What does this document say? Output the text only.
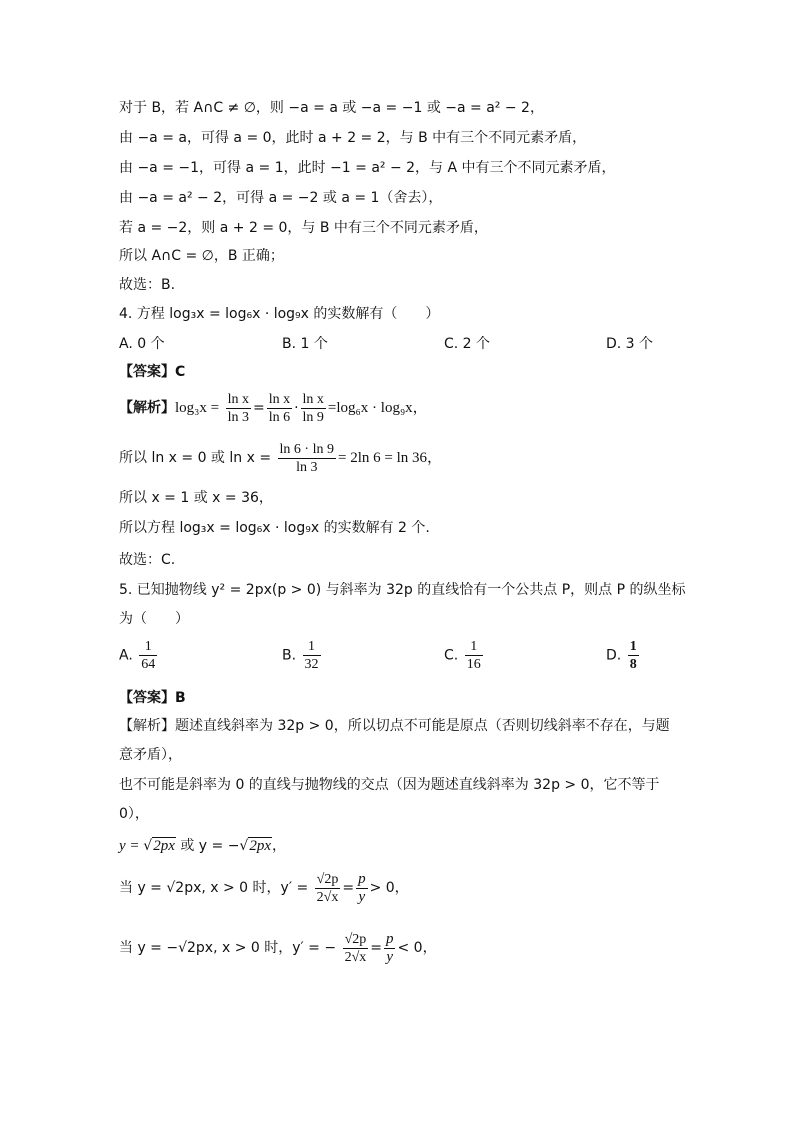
对于 B，若 A∩C ≠ ∅，则 −a = a 或 −a = −1 或 −a = a² − 2，
由 −a = a，可得 a = 0，此时 a + 2 = 2，与 B 中有三个不同元素矛盾，
由 −a = −1，可得 a = 1，此时 −1 = a² − 2，与 A 中有三个不同元素矛盾，
由 −a = a² − 2，可得 a = −2 或 a = 1（舍去），
若 a = −2，则 a + 2 = 0，与 B 中有三个不同元素矛盾，
所以 A∩C = ∅，B 正确；
故选：B.
4. 方程 log₃x = log₆x · log₉x 的实数解有（　　）
A. 0 个	B. 1 个	C. 2 个	D. 3 个
【答案】C
【解析】$\log_3x = \frac{\text{ln x}}{\ln 3} = \frac{\text{ln x}}{\ln 6} \cdot \frac{\text{ln x}}{\ln 9} =\log_6x \cdot \log_9x$，
所以 ln x = 0 或 $\ln x = \frac{\ln 6 \cdot \ln 9}{\ln 3} = 2\ln$ 6 = ln 36，
所以 x = 1 或 x = 36，
所以方程 log₃x = log₆x · log₉x 的实数解有 2 个.
故选：C.
5. 已知抛物线 y² = 2px(p > 0) 与斜率为 32p 的直线恰有一个公共点 P，则点 P 的纵坐标
为（　　）
A. $\frac{1}{64}$	B. $\frac{1}{32}$	C. $\frac{1}{16}$	D. $\frac{1}{8}$
【答案】B
【解析】题述直线斜率为 32p > 0，所以切点不可能是原点（否则切线斜率不存在，与题
意矛盾），
也不可能是斜率为 0 的直线与抛物线的交点（因为题述直线斜率为 32p > 0，它不等于
0），
y = √2px 或 y = −√2px，
当 y = √2px, x > 0 时，$y' = \frac{√2p}{2√x} = \frac{p}{y} > 0$，
当 y = −√2px, x > 0 时，y′ = − $\frac{√2p}{2√x} = \frac{p}{y} < 0$，
